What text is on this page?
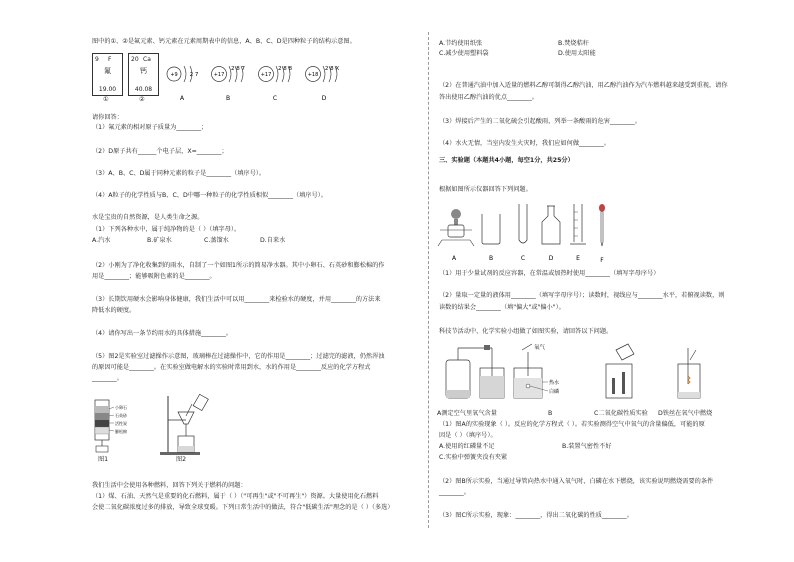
图中的①、②是氟元素、钙元素在元素周期表中的信息，A、B、C、D是四种粒子的结构示意图。
9 F
氟
19.00
①
20 Ca
钙
40.08
②
+9 2 7
A
+17
2 8 7
B
+17
2 8 8
C
+18
2 8 X
D
请你回答：
（1）氟元素的相对原子质量为________；
（2）D原子共有______个电子层，X=________；
（3）A、B、C、D属于同种元素的粒子是________（填序号）。
（4）A粒子的化学性质与B、C、D中哪一种粒子的化学性质相似________（填序号）。
水是宝贵的自然资源，是人类生命之源。
（1）下列各种水中，属于纯净物的是（ ）（填字母）。
A.汽水	B.矿泉水	C.蒸馏水	D.自来水
（2）小刚为了净化收集到的雨水，自制了一个如图1所示的简易净水器。其中小卵石、石英砂和膨松棉的作
用是________；能够吸附色素的是________。
（3）长期饮用硬水会影响身体健康，我们生活中可以用________来检验水的硬度，并用________的方法来
降低水的硬度。
（4）请你写出一条节约用水的具体措施________。
（5）图2是实验室过滤操作示意图，玻璃棒在过滤操作中，它的作用是________；过滤完的滤液，仍然浑浊
的原因可能是________。在实验室做电解水的实验时常用到水，水的作用是________反应的化学方程式
________。
小卵石
石英砂
活性炭
膨松棉
图1	图2
我们生活中会使用各种燃料，回答下列关于燃料的问题：
（1）煤、石油、天然气是重要的化石燃料，属于（ ）（"可再生"或"不可再生"）资源。大量使用化石燃料
会使二氧化碳浓度过多的排放，导致全球变暖。下列日常生活中的做法，符合"低碳生活"理念的是（ ）（多选）
A.节约使用纸张	B.焚烧秸秆
C.减少使用塑料袋	D.使用太阳能
（2）在普通汽油中加入适量的燃料乙醇可制得乙醇汽油，用乙醇汽油作为汽车燃料越来越受到重视，请你
答出使用乙醇汽油的优点________。
（3）焊接后产生的二氧化硫会引起酸雨，列举一条酸雨的危害________。
（4）水火无情，当室内发生火灾时，我们应如何做________。
三、实验题（本题共4小题，每空1分，共25分）
根据如图所示仪器回答下列问题。
A	B	C	D	E	F
（1）用于少量试剂的反应容器，在常温或加热时使用________（填写字母序号）
（2）量取一定量的液体用________（填写字母序号）；读数时，视线应与________水平，若俯视读数，则
读数的结果会________（填"偏大"或"偏小"）。
科技节活动中，化学实验小组做了如图实验，请回答以下问题。
氧气
热水
白磷
A测定空气里氧气含量	B	C二氧化碳性质实验 D铁丝在氧气中燃烧
（1）图A的实验现象（ ）。反应的化学方程式（ ）。若实验测得空气中氧气的含量偏低，可能的原
因是（ ）（填序号）。
A.使用的红磷量不足	B.装置气密性不好
C.实验中弹簧夹没有夹紧
（2）图B所示实验，当通过导管向热水中通入氧气时，白磷在水下燃烧，该实验说明燃烧需要的条件
________。
（3）图C所示实验，现象：________，得出二氧化碳的性质________。
